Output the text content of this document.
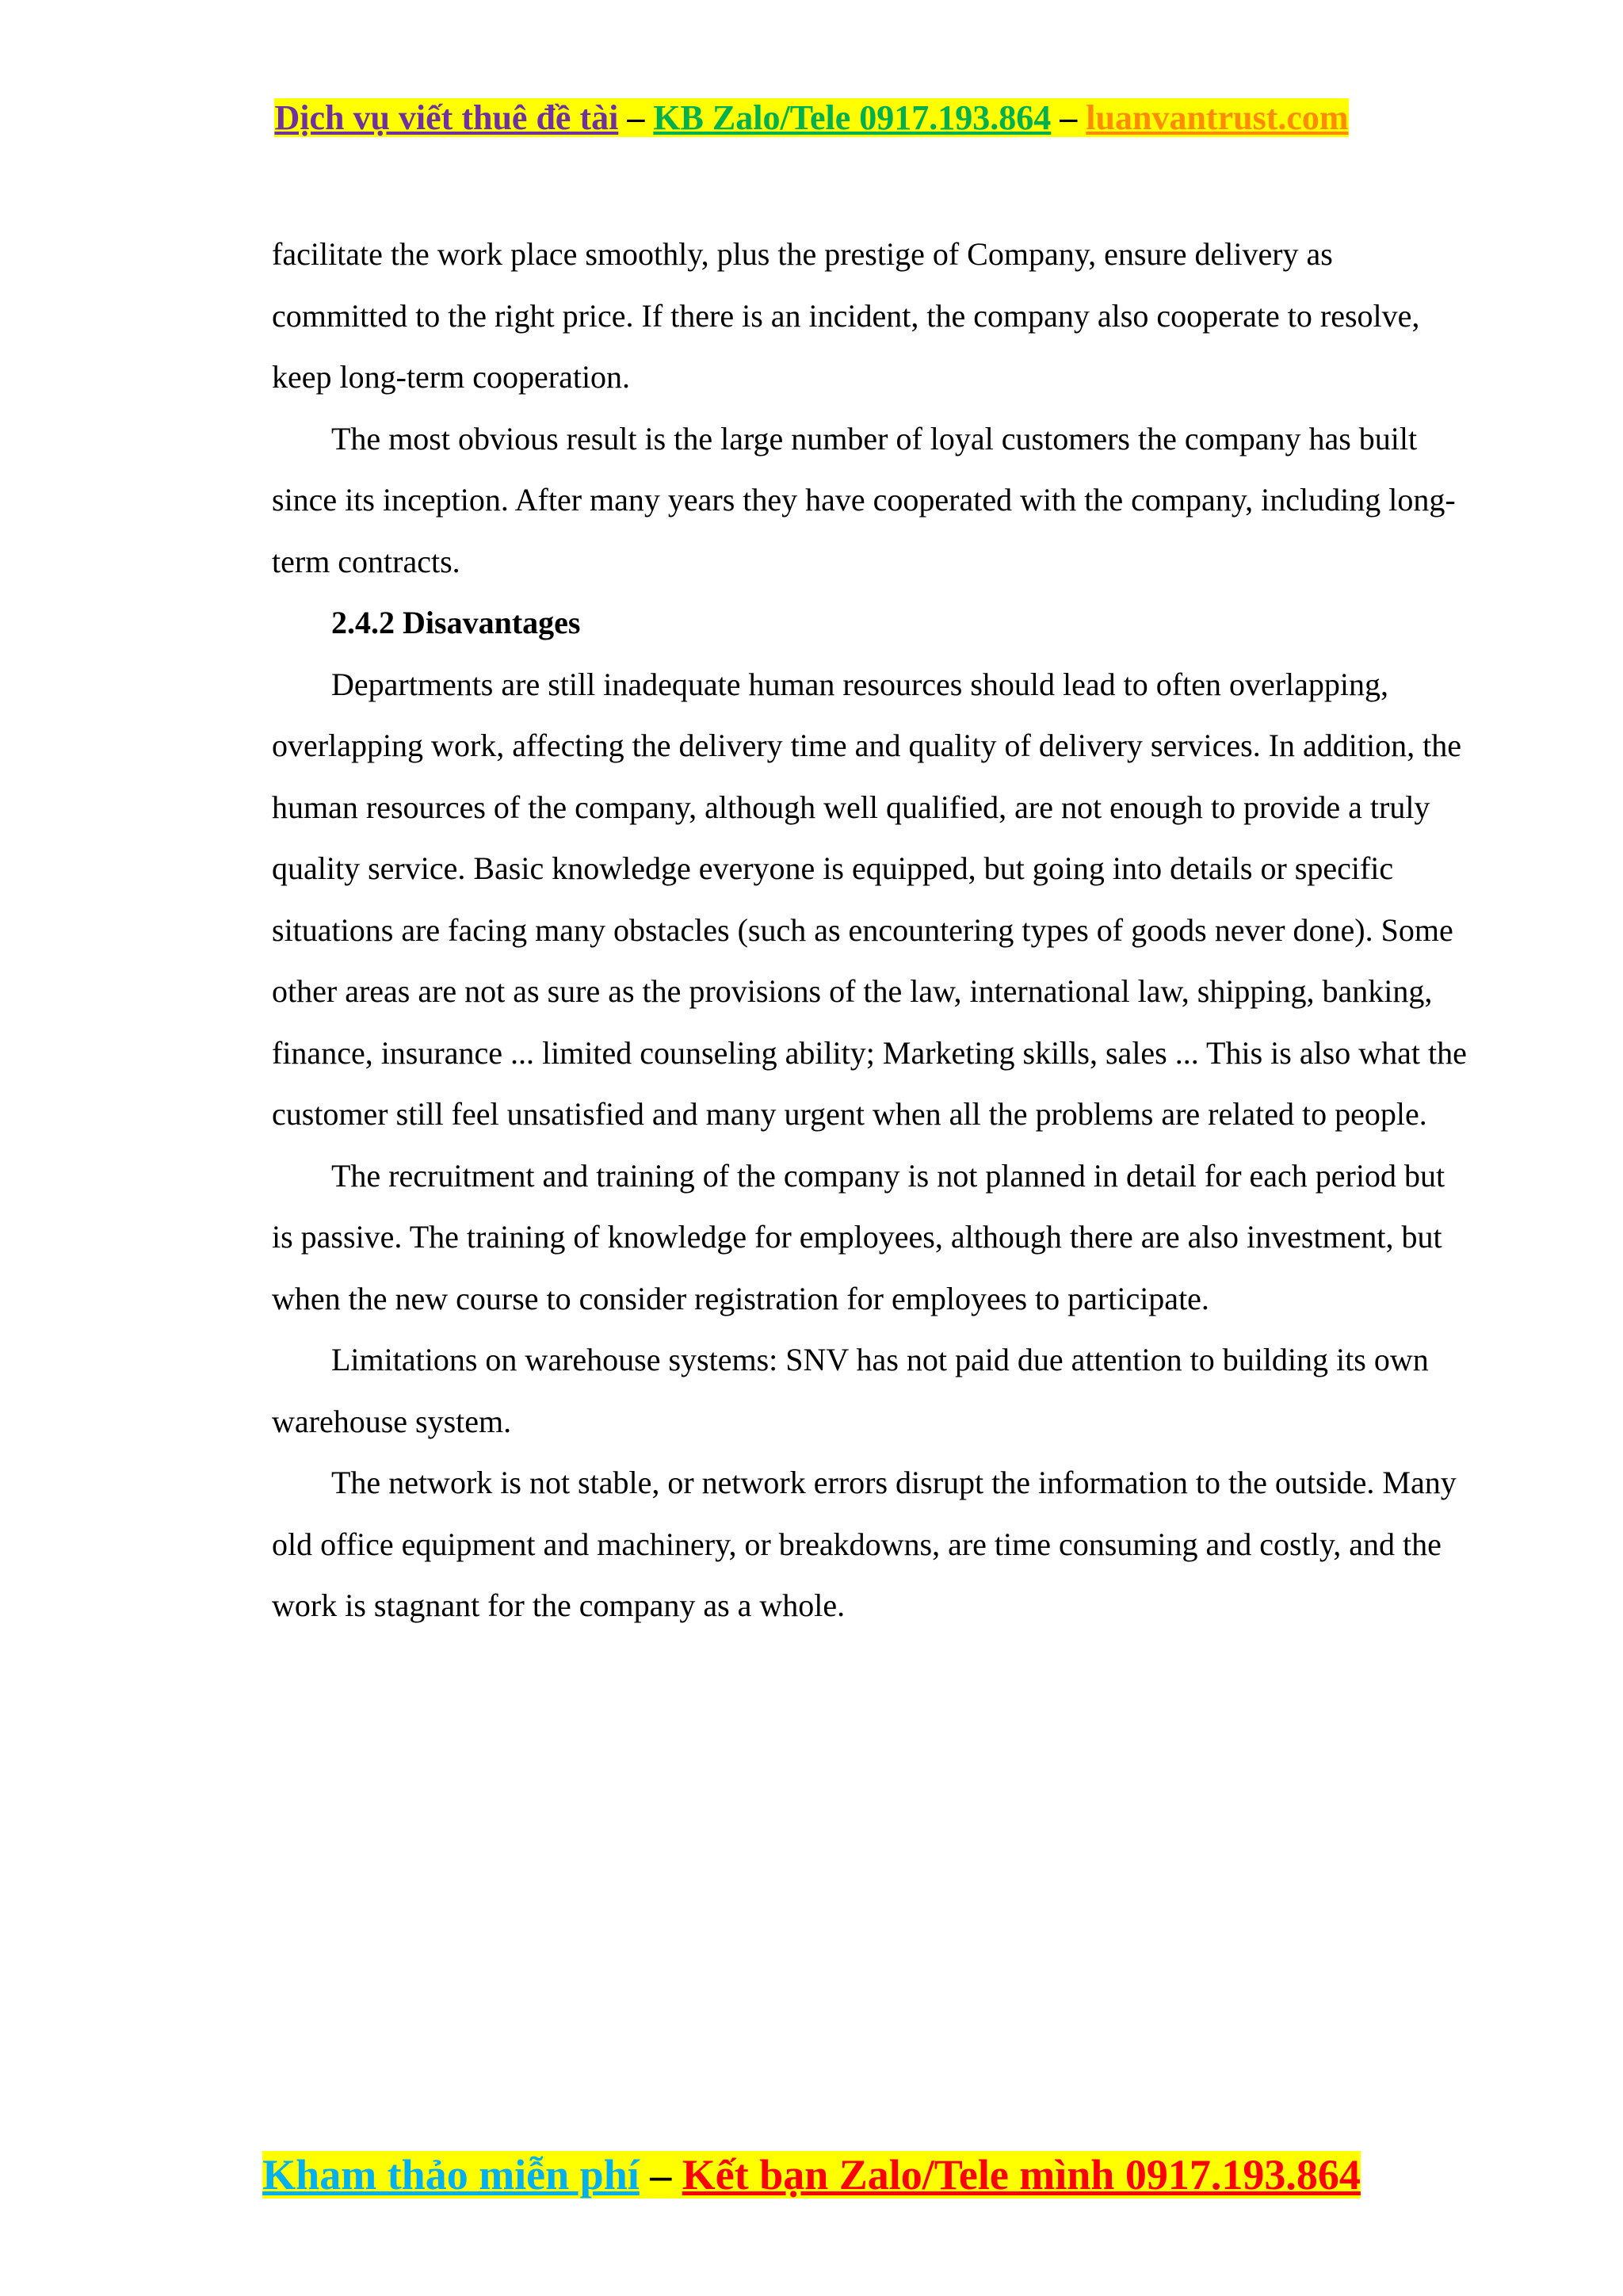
Dịch vụ viết thuê đề tài – KB Zalo/Tele 0917.193.864 – luanvantrust.com

facilitate the work place smoothly, plus the prestige of Company, ensure delivery as committed to the right price. If there is an incident, the company also cooperate to resolve, keep long-term cooperation.

The most obvious result is the large number of loyal customers the company has built since its inception. After many years they have cooperated with the company, including long-term contracts.

2.4.2 Disavantages

Departments are still inadequate human resources should lead to often overlapping, overlapping work, affecting the delivery time and quality of delivery services. In addition, the human resources of the company, although well qualified, are not enough to provide a truly quality service. Basic knowledge everyone is equipped, but going into details or specific situations are facing many obstacles (such as encountering types of goods never done). Some other areas are not as sure as the provisions of the law, international law, shipping, banking, finance, insurance ... limited counseling ability; Marketing skills, sales ... This is also what the customer still feel unsatisfied and many urgent when all the problems are related to people.

The recruitment and training of the company is not planned in detail for each period but is passive. The training of knowledge for employees, although there are also investment, but when the new course to consider registration for employees to participate.

Limitations on warehouse systems: SNV has not paid due attention to building its own warehouse system.

The network is not stable, or network errors disrupt the information to the outside. Many old office equipment and machinery, or breakdowns, are time consuming and costly, and the work is stagnant for the company as a whole.

Kham thảo miễn phí – Kết bạn Zalo/Tele mình 0917.193.864
